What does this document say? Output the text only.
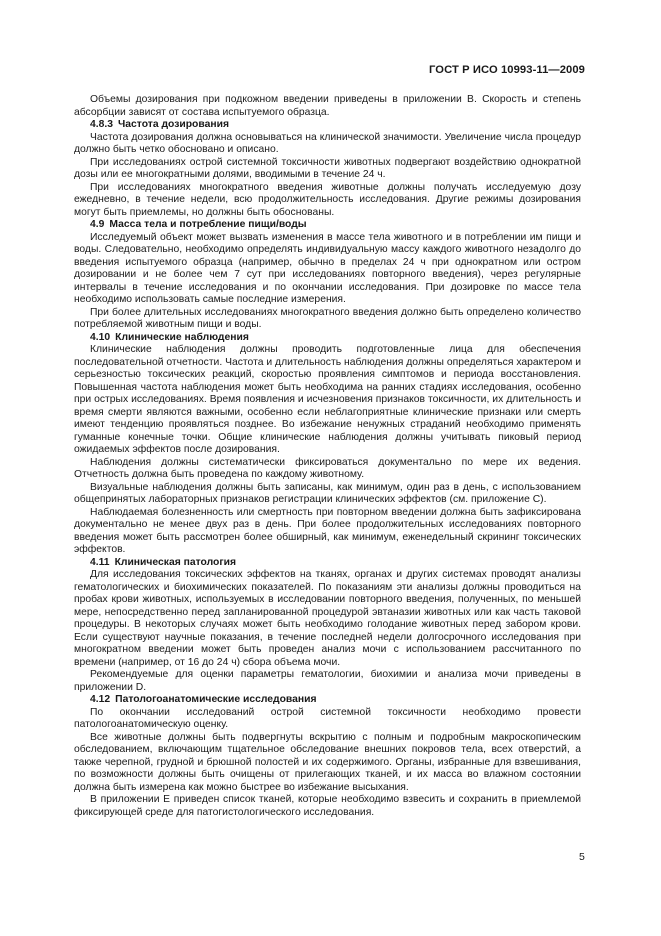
ГОСТ Р ИСО 10993-11—2009

Объемы дозирования при подкожном введении приведены в приложении В. Скорость и степень абсорбции зависят от состава испытуемого образца.

4.8.3 Частота дозирования

Частота дозирования должна основываться на клинической значимости. Увеличение числа процедур должно быть четко обосновано и описано.

При исследованиях острой системной токсичности животных подвергают воздействию однократной дозы или ее многократными долями, вводимыми в течение 24 ч.

При исследованиях многократного введения животные должны получать исследуемую дозу ежедневно, в течение недели, всю продолжительность исследования. Другие режимы дозирования могут быть приемлемы, но должны быть обоснованы.

4.9 Масса тела и потребление пищи/воды

Исследуемый объект может вызвать изменения в массе тела животного и в потреблении им пищи и воды. Следовательно, необходимо определять индивидуальную массу каждого животного незадолго до введения испытуемого образца (например, обычно в пределах 24 ч при однократном или остром дозировании и не более чем 7 сут при исследованиях повторного введения), через регулярные интервалы в течение исследования и по окончании исследования. При дозировке по массе тела необходимо использовать самые последние измерения.

При более длительных исследованиях многократного введения должно быть определено количество потребляемой животным пищи и воды.

4.10 Клинические наблюдения

Клинические наблюдения должны проводить подготовленные лица для обеспечения последовательной отчетности. Частота и длительность наблюдения должны определяться характером и серьезностью токсических реакций, скоростью проявления симптомов и периода восстановления. Повышенная частота наблюдения может быть необходима на ранних стадиях исследования, особенно при острых исследованиях. Время появления и исчезновения признаков токсичности, их длительность и время смерти являются важными, особенно если неблагоприятные клинические признаки или смерть имеют тенденцию проявляться позднее. Во избежание ненужных страданий необходимо применять гуманные конечные точки. Общие клинические наблюдения должны учитывать пиковый период ожидаемых эффектов после дозирования.

Наблюдения должны систематически фиксироваться документально по мере их ведения. Отчетность должна быть проведена по каждому животному.

Визуальные наблюдения должны быть записаны, как минимум, один раз в день, с использованием общепринятых лабораторных признаков регистрации клинических эффектов (см. приложение С).

Наблюдаемая болезненность или смертность при повторном введении должна быть зафиксирована документально не менее двух раз в день. При более продолжительных исследованиях повторного введения может быть рассмотрен более обширный, как минимум, еженедельный скрининг токсических эффектов.

4.11 Клиническая патология

Для исследования токсических эффектов на тканях, органах и других системах проводят анализы гематологических и биохимических показателей. По показаниям эти анализы должны проводиться на пробах крови животных, используемых в исследовании повторного введения, полученных, по меньшей мере, непосредственно перед запланированной процедурой эвтаназии животных или как часть таковой процедуры. В некоторых случаях может быть необходимо голодание животных перед забором крови. Если существуют научные показания, в течение последней недели долгосрочного исследования при многократном введении может быть проведен анализ мочи с использованием рассчитанного по времени (например, от 16 до 24 ч) сбора объема мочи.

Рекомендуемые для оценки параметры гематологии, биохимии и анализа мочи приведены в приложении D.

4.12 Патологоанатомические исследования

По окончании исследований острой системной токсичности необходимо провести патологоанатомическую оценку.

Все животные должны быть подвергнуты вскрытию с полным и подробным макроскопическим обследованием, включающим тщательное обследование внешних покровов тела, всех отверстий, а также черепной, грудной и брюшной полостей и их содержимого. Органы, избранные для взвешивания, по возможности должны быть очищены от прилегающих тканей, и их масса во влажном состоянии должна быть измерена как можно быстрее во избежание высыхания.

В приложении Е приведен список тканей, которые необходимо взвесить и сохранить в приемлемой фиксирующей среде для патогистологического исследования.

5
